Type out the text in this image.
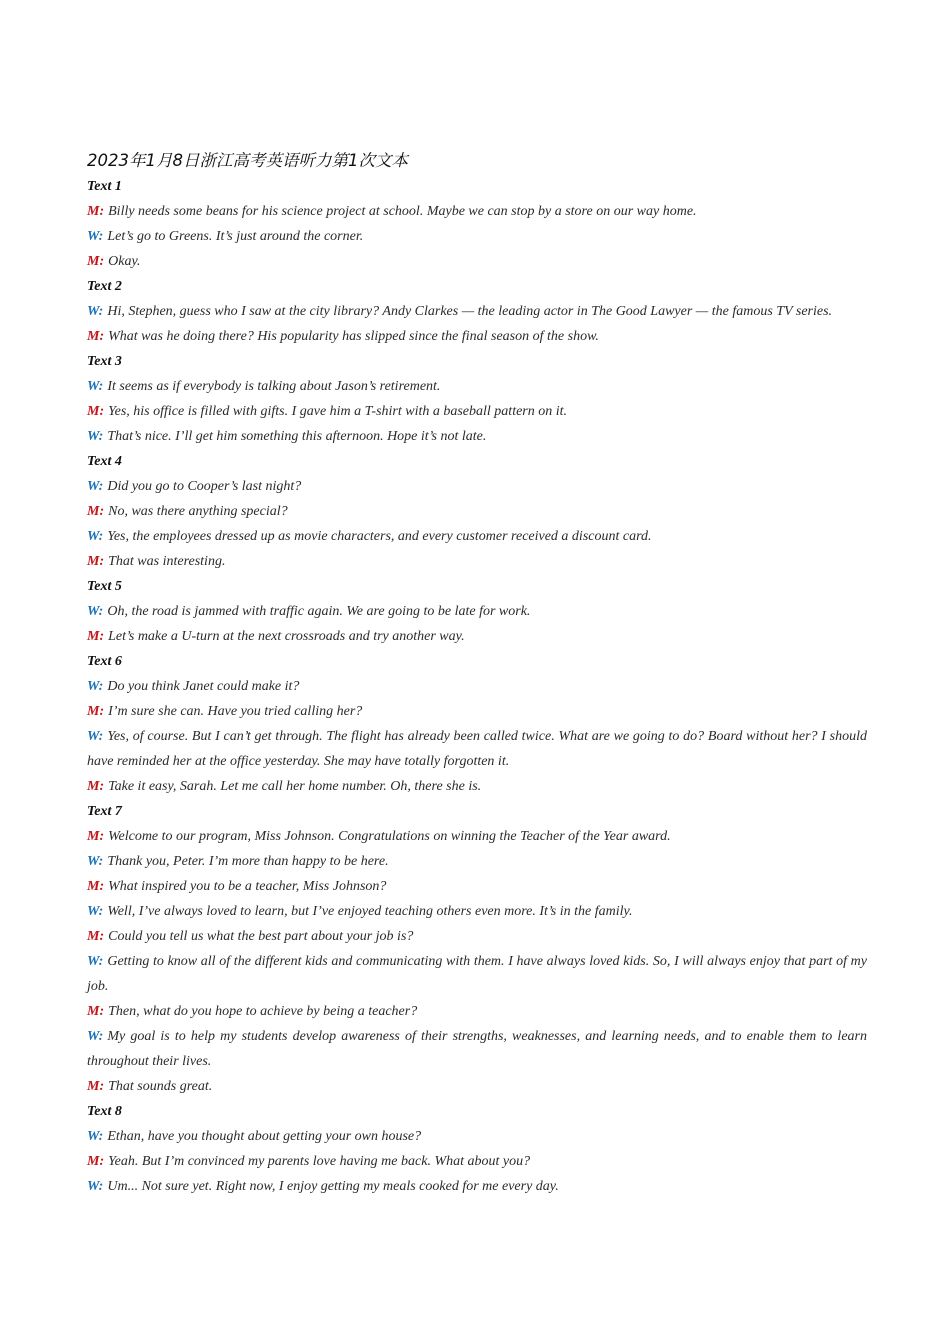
2023年1月8日浙江高考英语听力第1次文本
Text 1
M: Billy needs some beans for his science project at school. Maybe we can stop by a store on our way home.
W: Let’s go to Greens. It’s just around the corner.
M: Okay.
Text 2
W: Hi, Stephen, guess who I saw at the city library? Andy Clarkes — the leading actor in The Good Lawyer — the famous TV series.
M: What was he doing there? His popularity has slipped since the final season of the show.
Text 3
W: It seems as if everybody is talking about Jason’s retirement.
M: Yes, his office is filled with gifts. I gave him a T-shirt with a baseball pattern on it.
W: That’s nice. I’ll get him something this afternoon. Hope it’s not late.
Text 4
W: Did you go to Cooper’s last night?
M: No, was there anything special?
W: Yes, the employees dressed up as movie characters, and every customer received a discount card.
M: That was interesting.
Text 5
W: Oh, the road is jammed with traffic again. We are going to be late for work.
M: Let’s make a U-turn at the next crossroads and try another way.
Text 6
W: Do you think Janet could make it?
M: I’m sure she can. Have you tried calling her?
W: Yes, of course. But I can’t get through. The flight has already been called twice. What are we going to do? Board without her? I should have reminded her at the office yesterday. She may have totally forgotten it.
M: Take it easy, Sarah. Let me call her home number. Oh, there she is.
Text 7
M: Welcome to our program, Miss Johnson. Congratulations on winning the Teacher of the Year award.
W: Thank you, Peter. I’m more than happy to be here.
M: What inspired you to be a teacher, Miss Johnson?
W: Well, I’ve always loved to learn, but I’ve enjoyed teaching others even more. It’s in the family.
M: Could you tell us what the best part about your job is?
W: Getting to know all of the different kids and communicating with them. I have always loved kids. So, I will always enjoy that part of my job.
M: Then, what do you hope to achieve by being a teacher?
W: My goal is to help my students develop awareness of their strengths, weaknesses, and learning needs, and to enable them to learn throughout their lives.
M: That sounds great.
Text 8
W: Ethan, have you thought about getting your own house?
M: Yeah. But I’m convinced my parents love having me back. What about you?
W: Um... Not sure yet. Right now, I enjoy getting my meals cooked for me every day.
